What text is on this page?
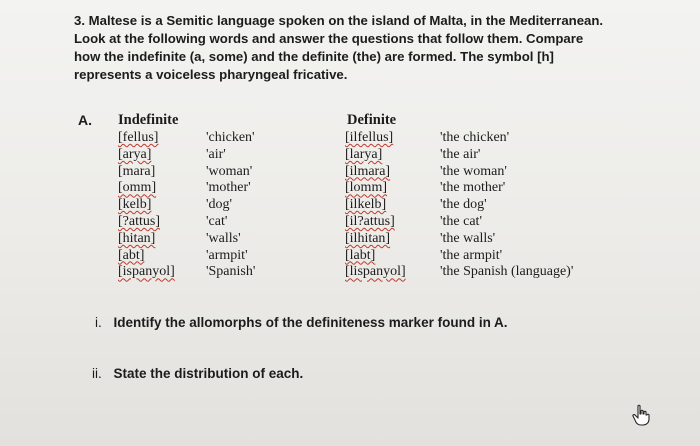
3. Maltese is a Semitic language spoken on the island of Malta, in the Mediterranean.
Look at the following words and answer the questions that follow them. Compare
how the indefinite (a, some) and the definite (the) are formed. The symbol [h]
represents a voiceless pharyngeal fricative.
A. Indefinite	Definite
[fellus]
[arya]
[mara]
[omm]
[kelb]
[?attus]
[hitan]
[abt]
[ispanyol]
'chicken'
'air'
'woman'
'mother'
'dog'
'cat'
'walls'
'armpit'
'Spanish'
[ilfellus]
[larya]
[ilmara]
[lomm]
[ilkelb]
[il?attus]
[ilhitan]
[labt]
[lispanyol]
'the chicken'
'the air'
'the woman'
'the mother'
'the dog'
'the cat'
'the walls'
'the armpit'
'the Spanish (language)'
i. Identify the allomorphs of the definiteness marker found in A.
ii. State the distribution of each.
